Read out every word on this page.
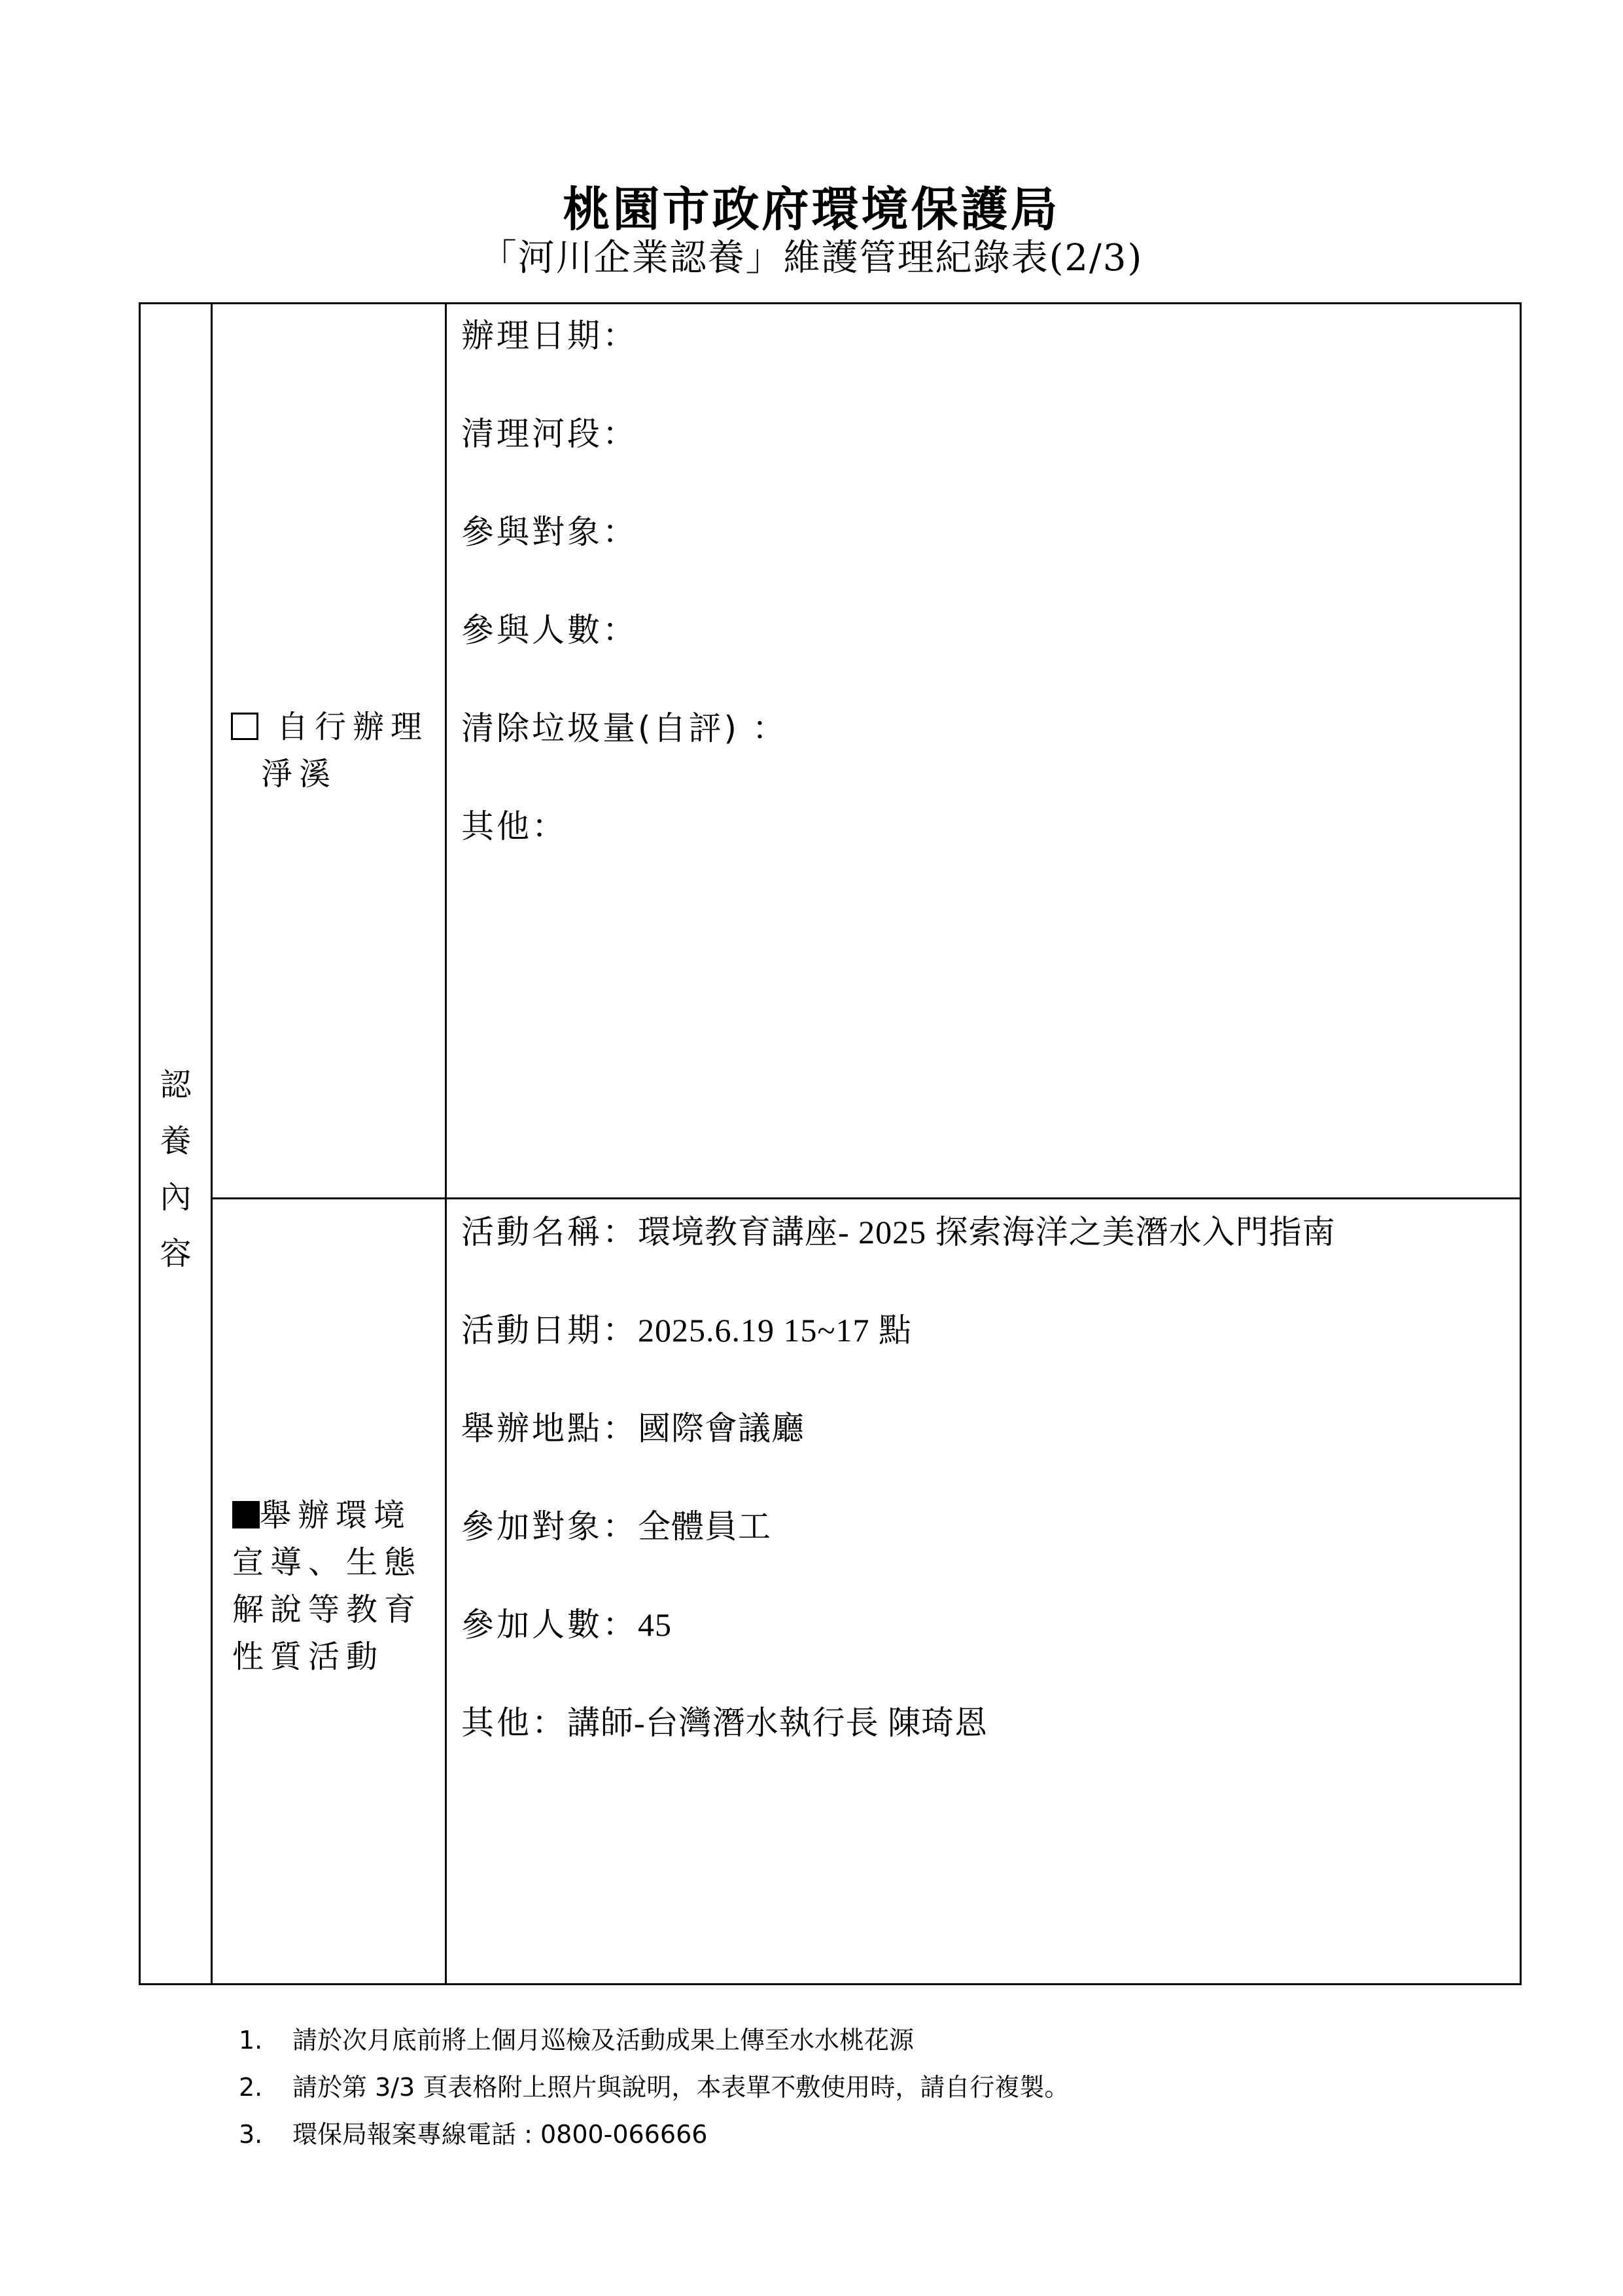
桃園市政府環境保護局
「河川企業認養」維護管理紀錄表(2/3)
認
養
內
容
自行辦理
淨溪
辦理日期：
清理河段：
參與對象：
參與人數：
清除垃圾量(自評) ：
其他：
舉辦環境
宣導、生態
解說等教育
性質活動
活動名稱：環境教育講座- 2025 探索海洋之美潛水入門指南
活動日期：2025.6.19 15~17 點
舉辦地點：國際會議廳
參加對象：全體員工
參加人數：45
其他：講師-台灣潛水執行長 陳琦恩
1. 請於次月底前將上個月巡檢及活動成果上傳至水水桃花源
2. 請於第 3/3 頁表格附上照片與說明，本表單不敷使用時，請自行複製。
3. 環保局報案專線電話 : 0800-066666
